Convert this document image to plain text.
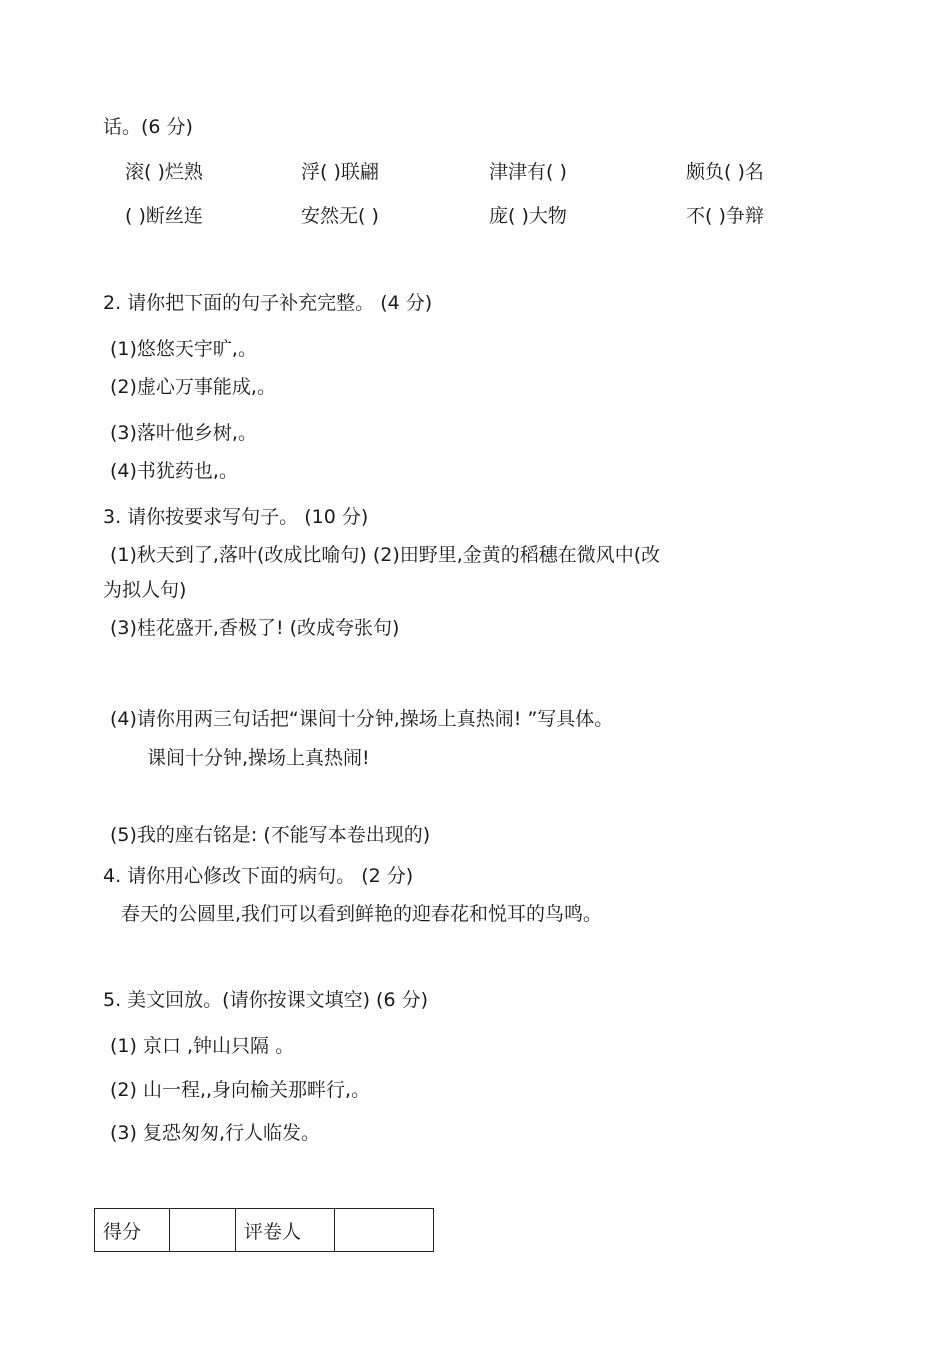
话。(6 分)
滚( )烂熟	浮( )联翩	津津有( )	颇负( )名
( )断丝连	安然无( )	庞( )大物	不( )争辩
2. 请你把下面的句子补充完整。 (4 分)
(1)悠悠天宇旷,。
(2)虚心万事能成,。
(3)落叶他乡树,。
(4)书犹药也,。
3. 请你按要求写句子。 (10 分)
(1)秋天到了,落叶(改成比喻句) (2)田野里,金黄的稻穗在微风中(改
为拟人句)
(3)桂花盛开,香极了! (改成夸张句)
(4)请你用两三句话把“课间十分钟,操场上真热闹! ”写具体。
课间十分钟,操场上真热闹!
(5)我的座右铭是: (不能写本卷出现的)
4. 请你用心修改下面的病句。 (2 分)
春天的公圆里,我们可以看到鲜艳的迎春花和悦耳的鸟鸣。
5. 美文回放。(请你按课文填空) (6 分)
(1) 京口 ,钟山只隔 。
(2) 山一程,,身向榆关那畔行,。
(3) 复恐匆匆,行人临发。
得分		评卷人	
